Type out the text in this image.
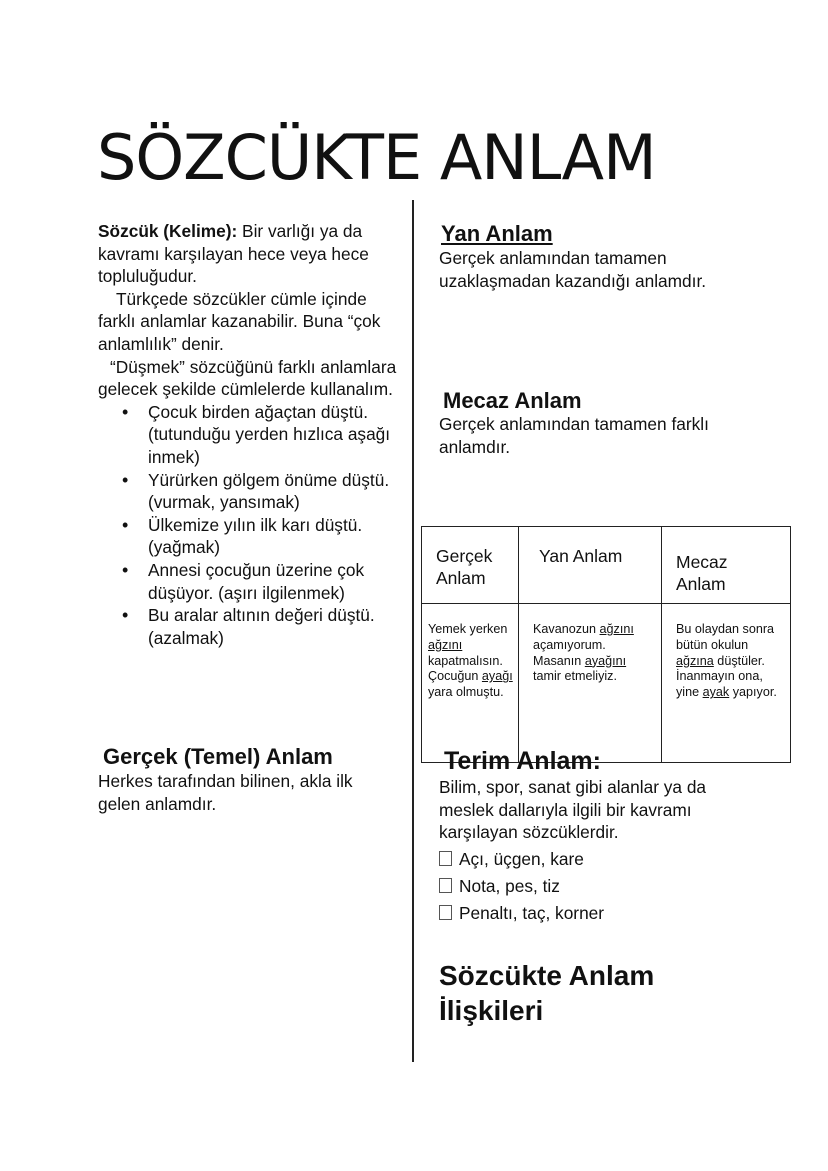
SÖZCÜKTE ANLAM

Sözcük (Kelime): Bir varlığı ya da kavramı karşılayan hece veya hece topluluğudur.

Türkçede sözcükler cümle içinde farklı anlamlar kazanabilir. Buna “çok anlamlılık” denir.

“Düşmek” sözcüğünü farklı anlamlara gelecek şekilde cümlelerde kullanalım.

• Çocuk birden ağaçtan düştü. (tutunduğu yerden hızlıca aşağı inmek)
• Yürürken gölgem önüme düştü. (vurmak, yansımak)
• Ülkemize yılın ilk karı düştü. (yağmak)
• Annesi çocuğun üzerine çok düşüyor. (aşırı ilgilenmek)
• Bu aralar altının değeri düştü. (azalmak)
Gerçek (Temel) Anlam
Herkes tarafından bilinen, akla ilk gelen anlamdır.
Yan Anlam
Gerçek anlamından tamamen uzaklaşmadan kazandığı anlamdır.
Mecaz Anlam
Gerçek anlamından tamamen farklı anlamdır.
Gerçek Anlam	Yan Anlam	Mecaz Anlam

Yemek yerken ağzını kapatmalısın. Çocuğun ayağı yara olmuştu.	Kavanozun ağzını açamıyorum. Masanın ayağını tamir etmeliyiz.	Bu olaydan sonra bütün okulun ağzına düştüler. İnanmayın ona, yine ayak yapıyor.
Terim Anlam:
Bilim, spor, sanat gibi alanlar ya da meslek dallarıyla ilgili bir kavramı karşılayan sözcüklerdir.
Açı, üçgen, kare
Nota, pes, tiz
Penaltı, taç, korner
Sözcükte Anlam İlişkileri
